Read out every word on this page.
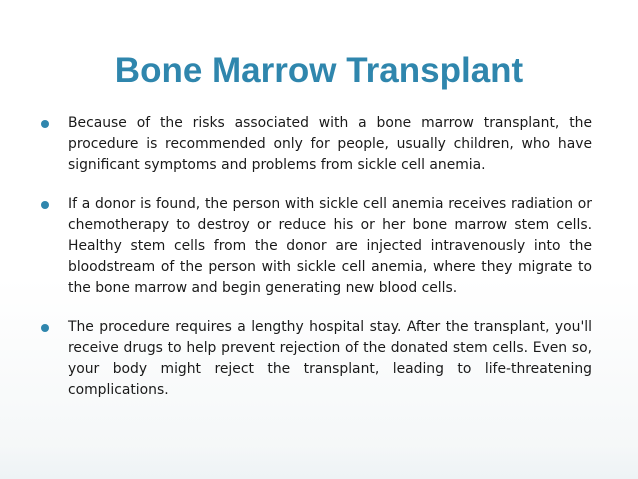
Bone Marrow Transplant
Because of the risks associated with a bone marrow transplant, the procedure is recommended only for people, usually children, who have significant symptoms and problems from sickle cell anemia.
If a donor is found, the person with sickle cell anemia receives radiation or chemotherapy to destroy or reduce his or her bone marrow stem cells. Healthy stem cells from the donor are injected intravenously into the bloodstream of the person with sickle cell anemia, where they migrate to the bone marrow and begin generating new blood cells.
The procedure requires a lengthy hospital stay. After the transplant, you'll receive drugs to help prevent rejection of the donated stem cells. Even so, your body might reject the transplant, leading to life-threatening complications.
